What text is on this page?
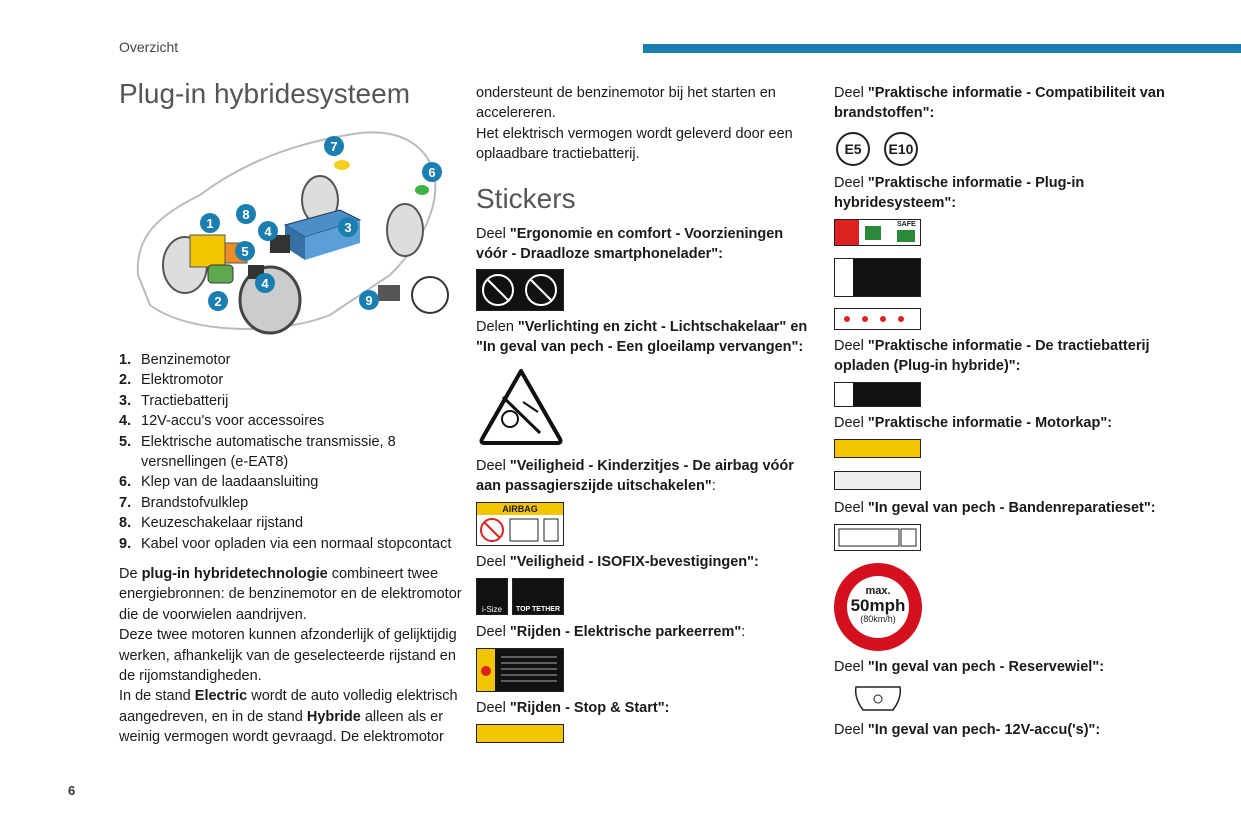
Overzicht
Plug-in hybridesysteem
1
2
3
4
4
5
6
7
8
9
1. Benzinemotor
2. Elektromotor
3. Tractiebatterij
4. 12V-accu's voor accessoires
5. Elektrische automatische transmissie, 8 versnellingen (e-EAT8)
6. Klep van de laadaansluiting
7. Brandstofvulklep
8. Keuzeschakelaar rijstand
9. Kabel voor opladen via een normaal stopcontact
De plug-in hybridetechnologie combineert twee energiebronnen: de benzinemotor en de elektromotor die de voorwielen aandrijven.
Deze twee motoren kunnen afzonderlijk of gelijktijdig werken, afhankelijk van de geselecteerde rijstand en de rijomstandigheden.
In de stand Electric wordt de auto volledig elektrisch aangedreven, en in de stand Hybride alleen als er weinig vermogen wordt gevraagd. De elektromotor
6
ondersteunt de benzinemotor bij het starten en accelereren.
Het elektrisch vermogen wordt geleverd door een oplaadbare tractiebatterij.
Stickers
Deel "Ergonomie en comfort - Voorzieningen vóór - Draadloze smartphonelader":
Delen "Verlichting en zicht - Lichtschakelaar" en "In geval van pech - Een gloeilamp vervangen":
Deel "Veiligheid - Kinderzitjes - De airbag vóór aan passagierszijde uitschakelen":
AIRBAG
Deel "Veiligheid - ISOFIX-bevestigingen":
i-Size	TOP TETHER
Deel "Rijden - Elektrische parkeerrem":
Deel "Rijden - Stop & Start":
Deel "Praktische informatie - Compatibiliteit van brandstoffen":
E5	E10
Deel "Praktische informatie - Plug-in hybridesysteem":
SAFE
Deel "Praktische informatie - De tractiebatterij opladen (Plug-in hybride)":
Deel "Praktische informatie - Motorkap":
Deel "In geval van pech - Bandenreparatieset":
max.
50mph
(80km/h)
Deel "In geval van pech - Reservewiel":
Deel "In geval van pech- 12V-accu('s)":
